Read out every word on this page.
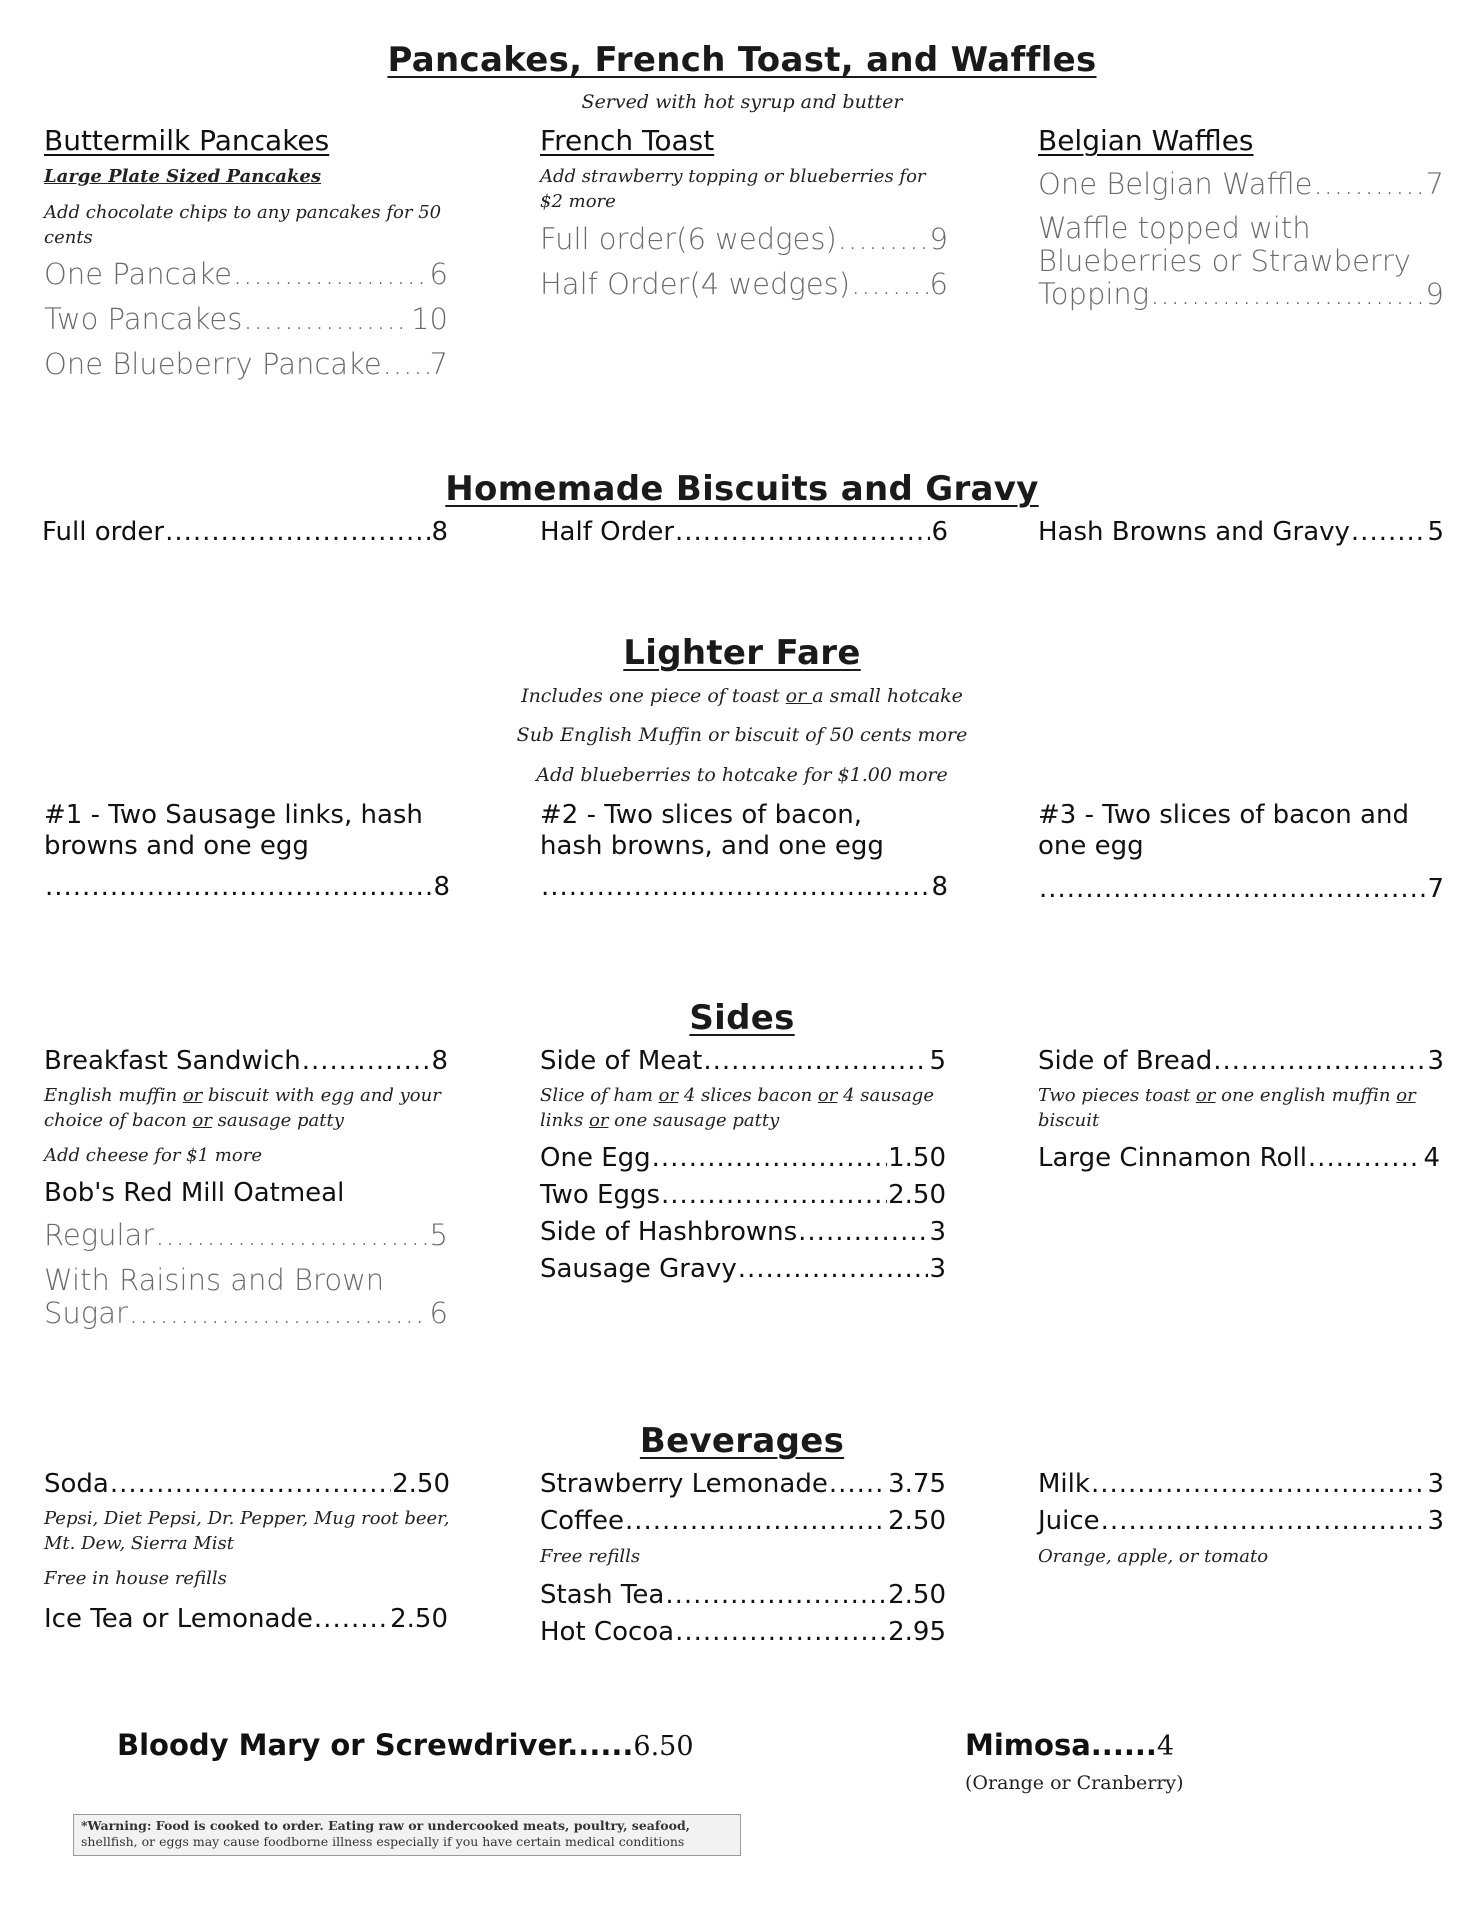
Pancakes, French Toast, and Waffles
Served with hot syrup and butter
Buttermilk Pancakes
Large Plate Sized Pancakes
Add chocolate chips to any pancakes for 50 cents
One Pancake .....	6
Two Pancakes .....	10
One Blueberry Pancake ..... 7
French Toast
Add strawberry topping or blueberries for $2 more
Full order(6 wedges) .....	9
Half Order(4 wedges) .....	6
Belgian Waffles
One Belgian Waffle .....	7
Waffle topped with
Blueberries or Strawberry
Topping .....	9
Homemade Biscuits and Gravy
Full order .....	8	Half Order .....	6	Hash Browns and Gravy .....	5
Lighter Fare
Includes one piece of toast or a small hotcake
Sub English Muffin or biscuit of 50 cents more
Add blueberries to hotcake for $1.00 more
#1 - Two Sausage links, hash
browns and one egg
.....
8
#2 - Two slices of bacon,
hash browns, and one egg
.....
8
#3 - Two slices of bacon and
one egg
.....
7
Sides
Breakfast Sandwich .....	8
English muffin or biscuit with egg and your
choice of bacon or sausage patty
Add cheese for $1 more
Bob's Red Mill Oatmeal
Regular .....	5
With Raisins and Brown
Sugar .....	6
Side of Meat .....	5
Slice of ham or 4 slices bacon or 4 sausage
links or one sausage patty
One Egg .....	1.50
Two Eggs .....	2.50
Side of Hashbrowns .....	3
Sausage Gravy .....	3
Side of Bread .....	3
Two pieces toast or one english muffin or
biscuit
Large Cinnamon Roll .....	4
Beverages
Soda .....	2.50
Pepsi, Diet Pepsi, Dr. Pepper, Mug root beer,
Mt. Dew, Sierra Mist
Free in house refills
Ice Tea or Lemonade .....	2.50
Strawberry Lemonade ..... 3.75
Coffee .....	2.50
Free refills
Stash Tea .....	2.50
Hot Cocoa .....	2.95
Milk .....	3
Juice .....	3
Orange, apple, or tomato
Bloody Mary or Screwdriver......6.50	Mimosa......4
(Orange or Cranberry)
*Warning: Food is cooked to order. Eating raw or undercooked meats, poultry, seafood,
shellfish, or eggs may cause foodborne illness especially if you have certain medical conditions
